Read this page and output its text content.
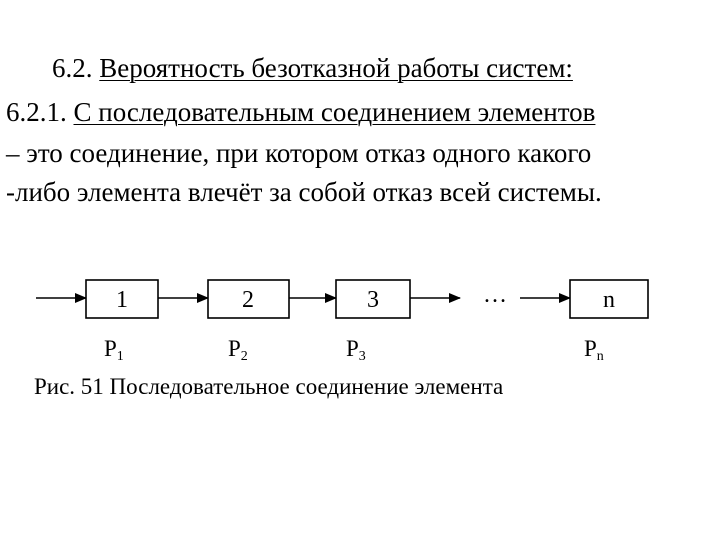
6.2. Вероятность безотказной работы систем:
6.2.1. С последовательным соединением элементов
– это соединение, при котором отказ одного какого
-либо элемента влечёт за собой отказ всей системы.
1	2	3	n
…
P1	P2	P3	Pn
Рис. 51 Последовательное соединение элемента
